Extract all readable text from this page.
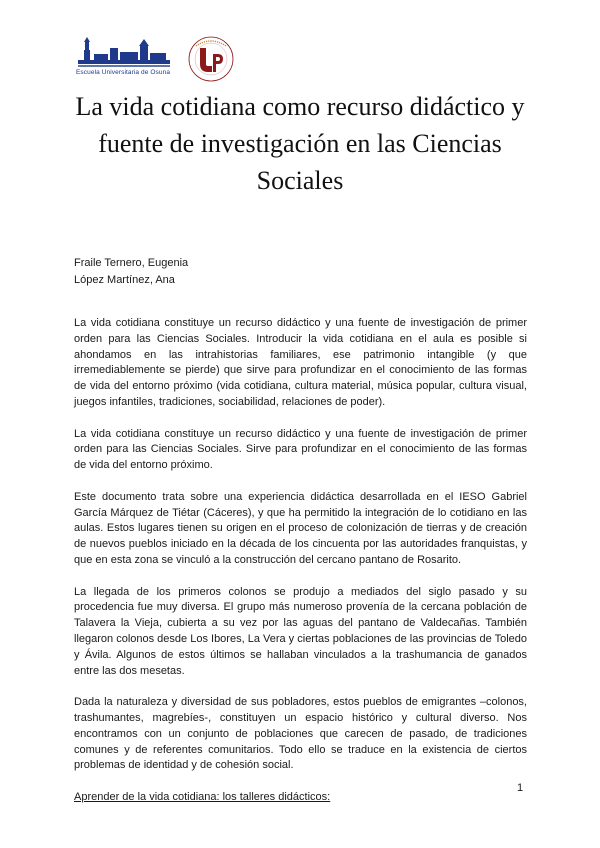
Escuela Universitaria de Osuna
La vida cotidiana como recurso didáctico y fuente de investigación en las Ciencias Sociales
Fraile Ternero, Eugenia
López Martínez, Ana

La vida cotidiana constituye un recurso didáctico y una fuente de investigación de primer orden para las Ciencias Sociales. Introducir la vida cotidiana en el aula es posible si ahondamos en las intrahistorias familiares, ese patrimonio intangible (y que irremediablemente se pierde) que sirve para profundizar en el conocimiento de las formas de vida del entorno próximo (vida cotidiana, cultura material, música popular, cultura visual, juegos infantiles, tradiciones, sociabilidad, relaciones de poder).

La vida cotidiana constituye un recurso didáctico y una fuente de investigación de primer orden para las Ciencias Sociales. Sirve para profundizar en el conocimiento de las formas de vida del entorno próximo.

Este documento trata sobre una experiencia didáctica desarrollada en el IESO Gabriel García Márquez de Tiétar (Cáceres), y que ha permitido la integración de lo cotidiano en las aulas. Estos lugares tienen su origen en el proceso de colonización de tierras y de creación de nuevos pueblos iniciado en la década de los cincuenta por las autoridades franquistas, y que en esta zona se vinculó a la construcción del cercano pantano de Rosarito.

La llegada de los primeros colonos se produjo a mediados del siglo pasado y su procedencia fue muy diversa. El grupo más numeroso provenía de la cercana población de Talavera la Vieja, cubierta a su vez por las aguas del pantano de Valdecañas. También llegaron colonos desde Los Ibores, La Vera y ciertas poblaciones de las provincias de Toledo y Ávila. Algunos de estos últimos se hallaban vinculados a la trashumancia de ganados entre las dos mesetas.

Dada la naturaleza y diversidad de sus pobladores, estos pueblos de emigrantes –colonos, trashumantes, magrebíes-, constituyen un espacio histórico y cultural diverso. Nos encontramos con un conjunto de poblaciones que carecen de pasado, de tradiciones comunes y de referentes comunitarios. Todo ello se traduce en la existencia de ciertos problemas de identidad y de cohesión social.

Aprender de la vida cotidiana: los talleres didácticos:

1
